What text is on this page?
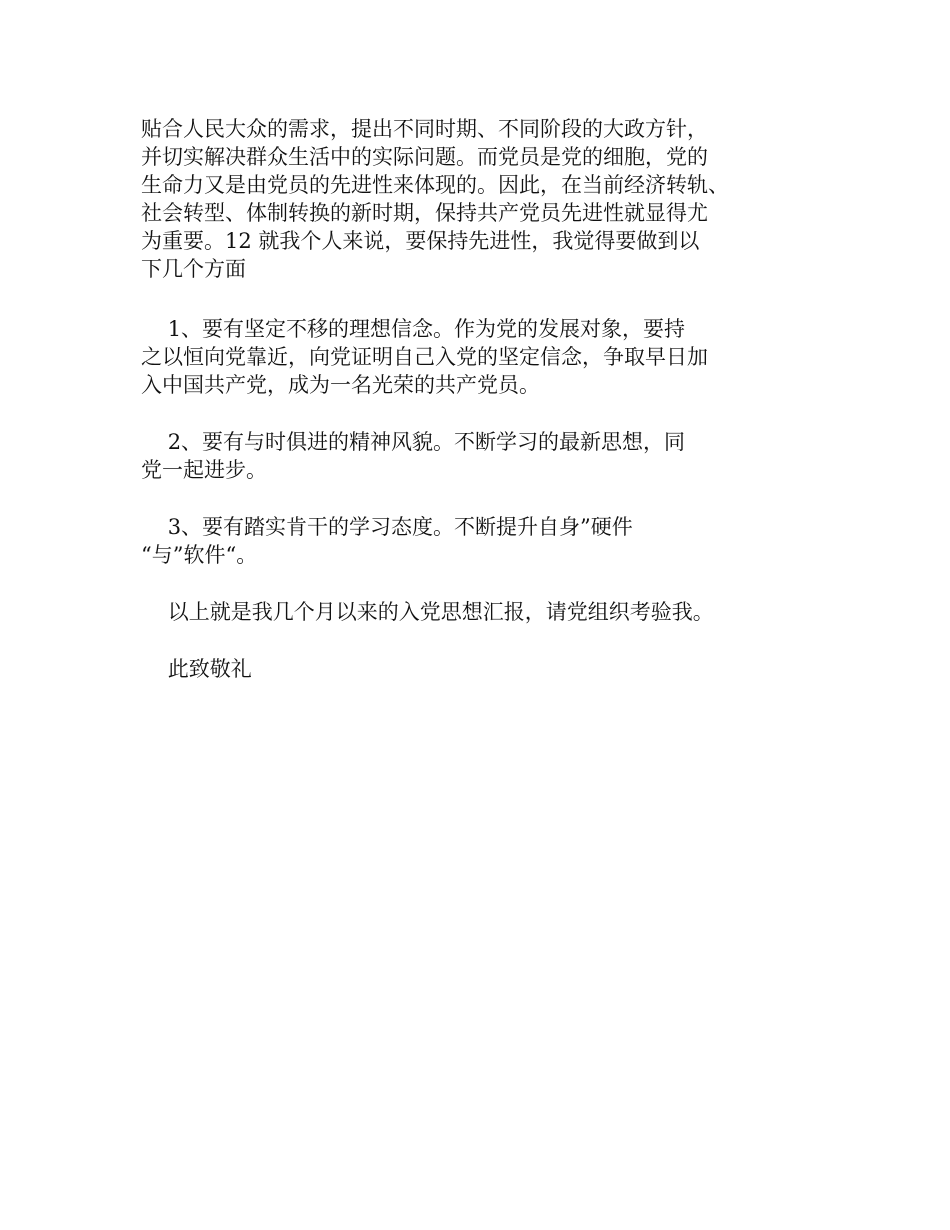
贴合人民大众的需求，提出不同时期、不同阶段的大政方针，
并切实解决群众生活中的实际问题。而党员是党的细胞，党的
生命力又是由党员的先进性来体现的。因此，在当前经济转轨、
社会转型、体制转换的新时期，保持共产党员先进性就显得尤
为重要。12 就我个人来说，要保持先进性，我觉得要做到以
下几个方面
1、要有坚定不移的理想信念。作为党的发展对象，要持
之以恒向党靠近，向党证明自己入党的坚定信念，争取早日加
入中国共产党，成为一名光荣的共产党员。
2、要有与时俱进的精神风貌。不断学习的最新思想，同
党一起进步。
3、要有踏实肯干的学习态度。不断提升自身”硬件
“与”软件“。
以上就是我几个月以来的入党思想汇报，请党组织考验我。
此致敬礼
